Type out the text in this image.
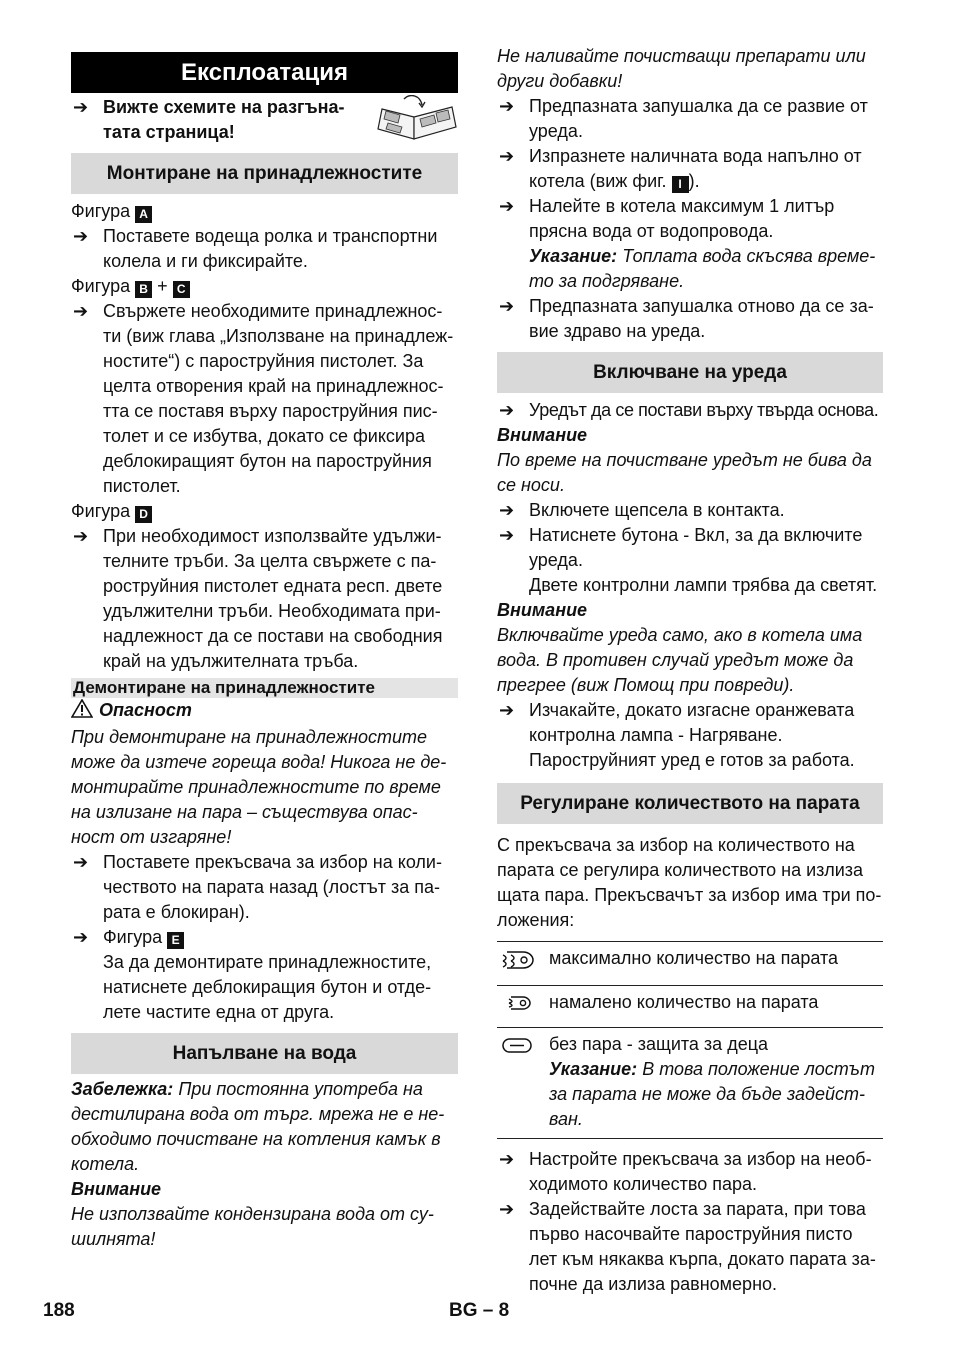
Експлоатация
➔ Вижте схемите на разгъна-
тата страница!
Монтиране на принадлежностите

Фигура A

➔ Поставете водеща ролка и транспортни колела и ги фиксирайте.

Фигура B + C

➔ Свържете необходимите принадлежнос-ти (виж глава „Използване на принадлеж-ностите“) с пароструйния пистолет. За целта отворения край на принадлежнос-тта се поставя върху пароструйния пис-толет и се избутва, докато се фиксира деблокиращият бутон на пароструйния пистолет.

Фигура D

➔ При необходимост използвайте удължи-телните тръби. За целта свържете с па-роструйния пистолет едната респ. двете удължителни тръби. Необходимата при-надлежност да се постави на свободния край на удължителната тръба.
Демонтиране на принадлежностите

Опасност

При демонтиране на принадлежностите може да изтече гореща вода! Никога не де-монтирайте принадлежностите по време на излизане на пара – съществува опас-ност от изгаряне!

➔ Поставете прекъсвача за избор на коли-чеството на парата назад (лостът за па-рата е блокиран).
➔ Фигура E

За да демонтирате принадлежностите, натиснете деблокиращия бутон и отде-лете частите една от друга.

Напълване на вода

Забележка: При постоянна употреба на дестилирана вода от търг. мрежа не е не-обходимо почистване на котления камък в котела.

Внимание

Не използвайте кондензирана вода от су-шилнята!

Не наливайте почистващи препарати или други добавки!

➔ Предпазната запушалка да се развие от уреда.
➔ Изпразнете наличната вода напълно от котела (виж фиг. I ).
➔ Налейте в котела максимум 1 литър прясна вода от водопровода.

Указание: Топлата вода скъсява време-то за подгряване.

➔ Предпазната запушалка отново да се за-вие здраво на уреда.
Включване на уреда
➔ Уредът да се постави върху твърда основа.

Внимание

По време на почистване уредът не бива да се носи.

➔ Включете щепсела в контакта.
➔ Натиснете бутона - Вкл, за да включите уреда.

Двете контролни лампи трябва да светят.

Внимание

Включвайте уреда само, ако в котела има вода. В противен случай уредът може да прегрее (виж Помощ при повреди).

➔ Изчакайте, докато изгасне оранжевата контролна лампа - Нагряване.

Пароструйният уред е готов за работа.

Регулиране количеството на парата

С прекъсвача за избор на количеството на парата се регулира количеството на излиза щата пара. Прекъсвачът за избор има три по-ложения:

максимално количество на парата
намалено количество на парата
без пара - защита за деца
Указание: В това положение лостът за парата не може да бъде задейст-ван.
➔ Настройте прекъсвача за избор на необ-ходимото количество пара.
➔ Задействайте лоста за парата, при това първо насочвайте пароструйния писто лет към някаква кърпа, докато парата за-почне да излиза равномерно.
188	BG – 8
